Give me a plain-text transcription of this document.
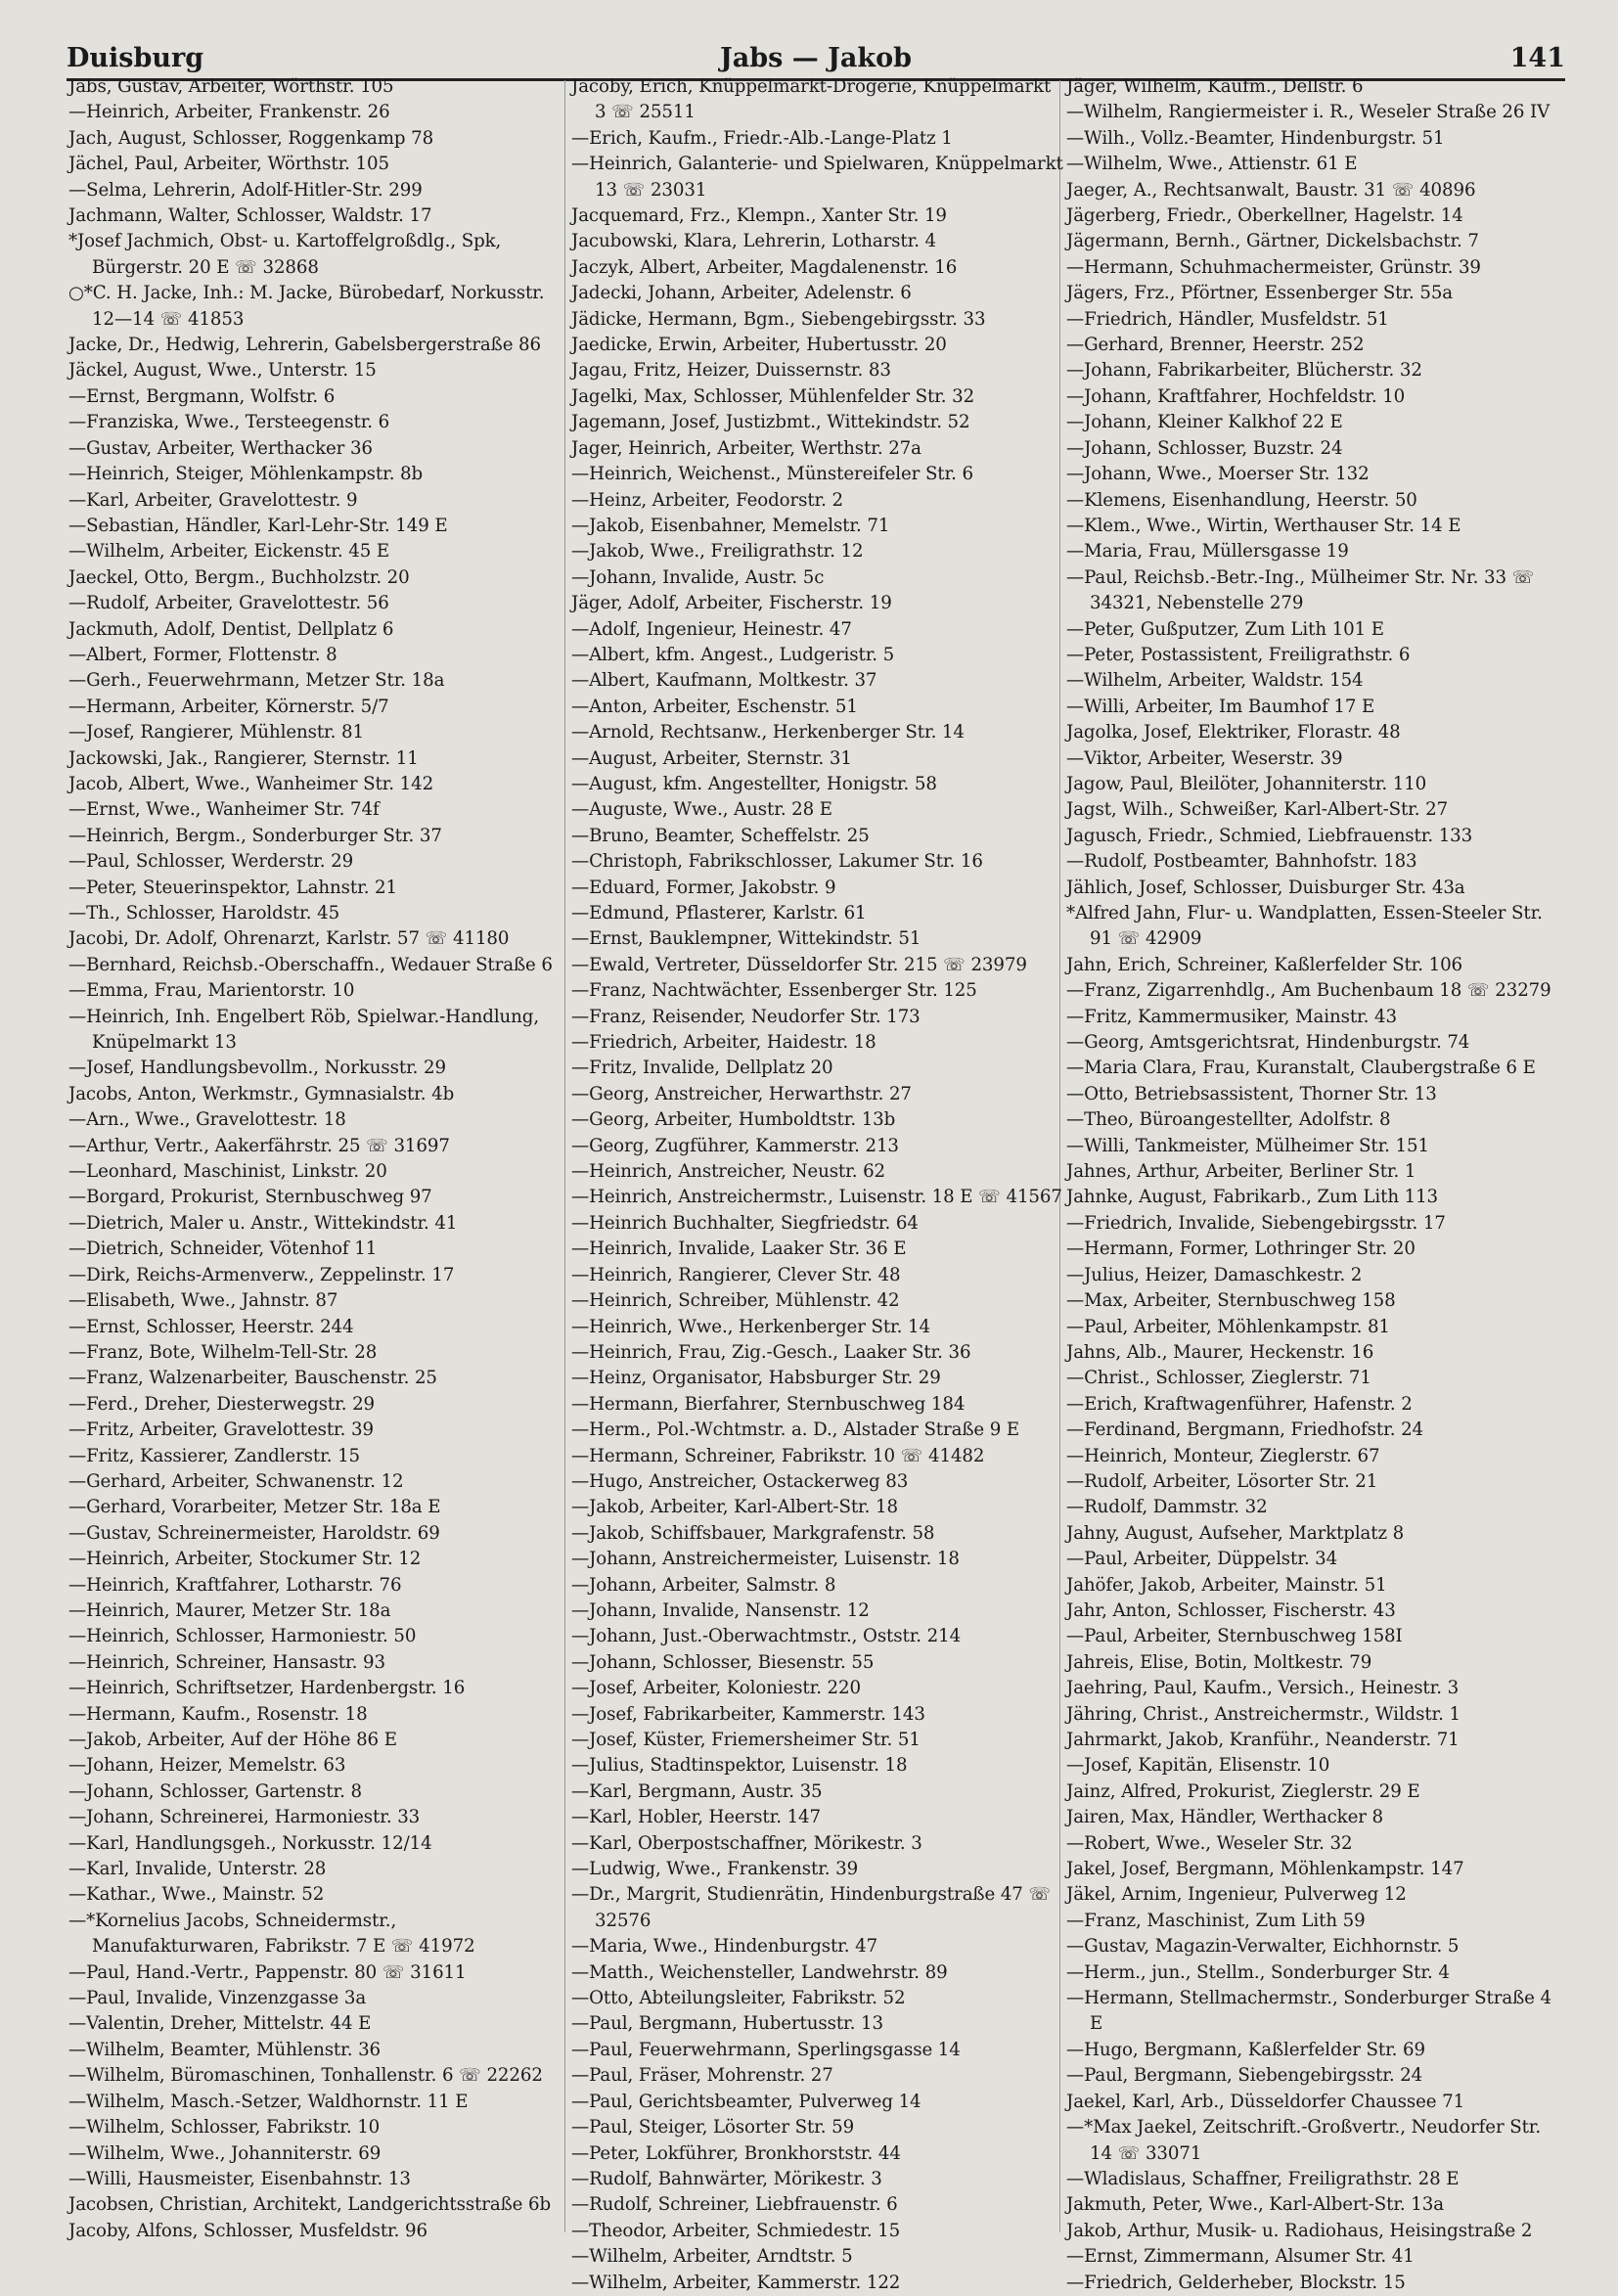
Jabs — Jakob
Duisburg	141
Jabs, Gustav, Arbeiter, Wörthstr. 105
—Heinrich, Arbeiter, Frankenstr. 26
Jach, August, Schlosser, Roggenkamp 78
Jächel, Paul, Arbeiter, Wörthstr. 105
—Selma, Lehrerin, Adolf-Hitler-Str. 299
Jachmann, Walter, Schlosser, Waldstr. 17
*Josef Jachmich, Obst- u. Kartoffelgroßdlg., Spk, Bürgerstr. 20 E ☏ 32868
○*C. H. Jacke, Inh.: M. Jacke, Bürobedarf, Norkusstr. 12—14 ☏ 41853
Jacke, Dr., Hedwig, Lehrerin, Gabelsbergerstraße 86
Jäckel, August, Wwe., Unterstr. 15
—Ernst, Bergmann, Wolfstr. 6
—Franziska, Wwe., Tersteegenstr. 6
—Gustav, Arbeiter, Werthacker 36
—Heinrich, Steiger, Möhlenkampstr. 8b
—Karl, Arbeiter, Gravelottestr. 9
—Sebastian, Händler, Karl-Lehr-Str. 149 E
—Wilhelm, Arbeiter, Eickenstr. 45 E
Jaeckel, Otto, Bergm., Buchholzstr. 20
—Rudolf, Arbeiter, Gravelottestr. 56
Jackmuth, Adolf, Dentist, Dellplatz 6
—Albert, Former, Flottenstr. 8
—Gerh., Feuerwehrmann, Metzer Str. 18a
—Hermann, Arbeiter, Körnerstr. 5/7
—Josef, Rangierer, Mühlenstr. 81
Jackowski, Jak., Rangierer, Sternstr. 11
Jacob, Albert, Wwe., Wanheimer Str. 142
—Ernst, Wwe., Wanheimer Str. 74f
—Heinrich, Bergm., Sonderburger Str. 37
—Paul, Schlosser, Werderstr. 29
—Peter, Steuerinspektor, Lahnstr. 21
—Th., Schlosser, Haroldstr. 45
Jacobi, Dr. Adolf, Ohrenarzt, Karlstr. 57 ☏ 41180
—Bernhard, Reichsb.-Oberschaffn., Wedauer Straße 6
—Emma, Frau, Marientorstr. 10
—Heinrich, Inh. Engelbert Röb, Spielwar.-Handlung, Knüpelmarkt 13
—Josef, Handlungsbevollm., Norkusstr. 29
Jacobs, Anton, Werkmstr., Gymnasialstr. 4b
—Arn., Wwe., Gravelottestr. 18
—Arthur, Vertr., Aakerfährstr. 25 ☏ 31697
—Leonhard, Maschinist, Linkstr. 20
—Borgard, Prokurist, Sternbuschweg 97
—Dietrich, Maler u. Anstr., Wittekindstr. 41
—Dietrich, Schneider, Vötenhof 11
—Dirk, Reichs-Armenverw., Zeppelinstr. 17
—Elisabeth, Wwe., Jahnstr. 87
—Ernst, Schlosser, Heerstr. 244
—Franz, Bote, Wilhelm-Tell-Str. 28
—Franz, Walzenarbeiter, Bauschenstr. 25
—Ferd., Dreher, Diesterwegstr. 29
—Fritz, Arbeiter, Gravelottestr. 39
—Fritz, Kassierer, Zandlerstr. 15
—Gerhard, Arbeiter, Schwanenstr. 12
—Gerhard, Vorarbeiter, Metzer Str. 18a E
—Gustav, Schreinermeister, Haroldstr. 69
—Heinrich, Arbeiter, Stockumer Str. 12
—Heinrich, Kraftfahrer, Lotharstr. 76
—Heinrich, Maurer, Metzer Str. 18a
—Heinrich, Schlosser, Harmoniestr. 50
—Heinrich, Schreiner, Hansastr. 93
—Heinrich, Schriftsetzer, Hardenbergstr. 16
—Hermann, Kaufm., Rosenstr. 18
—Jakob, Arbeiter, Auf der Höhe 86 E
—Johann, Heizer, Memelstr. 63
—Johann, Schlosser, Gartenstr. 8
—Johann, Schreinerei, Harmoniestr. 33
—Karl, Handlungsgeh., Norkusstr. 12/14
—Karl, Invalide, Unterstr. 28
—Kathar., Wwe., Mainstr. 52
—*Kornelius Jacobs, Schneidermstr., Manufakturwaren, Fabrikstr. 7 E ☏ 41972
—Paul, Hand.-Vertr., Pappenstr. 80 ☏ 31611
—Paul, Invalide, Vinzenzgasse 3a
—Valentin, Dreher, Mittelstr. 44 E
—Wilhelm, Beamter, Mühlenstr. 36
—Wilhelm, Büromaschinen, Tonhallenstr. 6 ☏ 22262
—Wilhelm, Masch.-Setzer, Waldhornstr. 11 E
—Wilhelm, Schlosser, Fabrikstr. 10
—Wilhelm, Wwe., Johanniterstr. 69
—Willi, Hausmeister, Eisenbahnstr. 13
Jacobsen, Christian, Architekt, Landgerichtsstraße 6b
Jacoby, Alfons, Schlosser, Musfeldstr. 96
Jacoby, Erich, Knüppelmarkt-Drogerie, Knüppelmarkt 3 ☏ 25511
—Erich, Kaufm., Friedr.-Alb.-Lange-Platz 1
—Heinrich, Galanterie- und Spielwaren, Knüppelmarkt 13 ☏ 23031
Jacquemard, Frz., Klempn., Xanter Str. 19
Jacubowski, Klara, Lehrerin, Lotharstr. 4
Jaczyk, Albert, Arbeiter, Magdalenenstr. 16
Jadecki, Johann, Arbeiter, Adelenstr. 6
Jädicke, Hermann, Bgm., Siebengebirgsstr. 33
Jaedicke, Erwin, Arbeiter, Hubertusstr. 20
Jagau, Fritz, Heizer, Duissernstr. 83
Jagelki, Max, Schlosser, Mühlenfelder Str. 32
Jagemann, Josef, Justizbmt., Wittekindstr. 52
Jager, Heinrich, Arbeiter, Werthstr. 27a
—Heinrich, Weichenst., Münstereifeler Str. 6
—Heinz, Arbeiter, Feodorstr. 2
—Jakob, Eisenbahner, Memelstr. 71
—Jakob, Wwe., Freiligrathstr. 12
—Johann, Invalide, Austr. 5c
Jäger, Adolf, Arbeiter, Fischerstr. 19
—Adolf, Ingenieur, Heinestr. 47
—Albert, kfm. Angest., Ludgeristr. 5
—Albert, Kaufmann, Moltkestr. 37
—Anton, Arbeiter, Eschenstr. 51
—Arnold, Rechtsanw., Herkenberger Str. 14
—August, Arbeiter, Sternstr. 31
—August, kfm. Angestellter, Honigstr. 58
—Auguste, Wwe., Austr. 28 E
—Bruno, Beamter, Scheffelstr. 25
—Christoph, Fabrikschlosser, Lakumer Str. 16
—Eduard, Former, Jakobstr. 9
—Edmund, Pflasterer, Karlstr. 61
—Ernst, Bauklempner, Wittekindstr. 51
—Ewald, Vertreter, Düsseldorfer Str. 215 ☏ 23979
—Franz, Nachtwächter, Essenberger Str. 125
—Franz, Reisender, Neudorfer Str. 173
—Friedrich, Arbeiter, Haidestr. 18
—Fritz, Invalide, Dellplatz 20
—Georg, Anstreicher, Herwarthstr. 27
—Georg, Arbeiter, Humboldtstr. 13b
—Georg, Zugführer, Kammerstr. 213
—Heinrich, Anstreicher, Neustr. 62
—Heinrich, Anstreichermstr., Luisenstr. 18 E ☏ 41567
—Heinrich Buchhalter, Siegfriedstr. 64
—Heinrich, Invalide, Laaker Str. 36 E
—Heinrich, Rangierer, Clever Str. 48
—Heinrich, Schreiber, Mühlenstr. 42
—Heinrich, Wwe., Herkenberger Str. 14
—Heinrich, Frau, Zig.-Gesch., Laaker Str. 36
—Heinz, Organisator, Habsburger Str. 29
—Hermann, Bierfahrer, Sternbuschweg 184
—Herm., Pol.-Wchtmstr. a. D., Alstader Straße 9 E
—Hermann, Schreiner, Fabrikstr. 10 ☏ 41482
—Hugo, Anstreicher, Ostackerweg 83
—Jakob, Arbeiter, Karl-Albert-Str. 18
—Jakob, Schiffsbauer, Markgrafenstr. 58
—Johann, Anstreichermeister, Luisenstr. 18
—Johann, Arbeiter, Salmstr. 8
—Johann, Invalide, Nansenstr. 12
—Johann, Just.-Oberwachtmstr., Oststr. 214
—Johann, Schlosser, Biesenstr. 55
—Josef, Arbeiter, Koloniestr. 220
—Josef, Fabrikarbeiter, Kammerstr. 143
—Josef, Küster, Friemersheimer Str. 51
—Julius, Stadtinspektor, Luisenstr. 18
—Karl, Bergmann, Austr. 35
—Karl, Hobler, Heerstr. 147
—Karl, Oberpostschaffner, Mörikestr. 3
—Ludwig, Wwe., Frankenstr. 39
—Dr., Margrit, Studienrätin, Hindenburgstraße 47 ☏ 32576
—Maria, Wwe., Hindenburgstr. 47
—Matth., Weichensteller, Landwehrstr. 89
—Otto, Abteilungsleiter, Fabrikstr. 52
—Paul, Bergmann, Hubertusstr. 13
—Paul, Feuerwehrmann, Sperlingsgasse 14
—Paul, Fräser, Mohrenstr. 27
—Paul, Gerichtsbeamter, Pulverweg 14
—Paul, Steiger, Lösorter Str. 59
—Peter, Lokführer, Bronkhorststr. 44
—Rudolf, Bahnwärter, Mörikestr. 3
—Rudolf, Schreiner, Liebfrauenstr. 6
—Theodor, Arbeiter, Schmiedestr. 15
—Wilhelm, Arbeiter, Arndtstr. 5
—Wilhelm, Arbeiter, Kammerstr. 122
Jäger, Wilhelm, Kaufm., Dellstr. 6
—Wilhelm, Rangiermeister i. R., Weseler Straße 26 IV
—Wilh., Vollz.-Beamter, Hindenburgstr. 51
—Wilhelm, Wwe., Attienstr. 61 E
Jaeger, A., Rechtsanwalt, Baustr. 31 ☏ 40896
Jägerberg, Friedr., Oberkellner, Hagelstr. 14
Jägermann, Bernh., Gärtner, Dickelsbachstr. 7
—Hermann, Schuhmachermeister, Grünstr. 39
Jägers, Frz., Pförtner, Essenberger Str. 55a
—Friedrich, Händler, Musfeldstr. 51
—Gerhard, Brenner, Heerstr. 252
—Johann, Fabrikarbeiter, Blücherstr. 32
—Johann, Kraftfahrer, Hochfeldstr. 10
—Johann, Kleiner Kalkhof 22 E
—Johann, Schlosser, Buzstr. 24
—Johann, Wwe., Moerser Str. 132
—Klemens, Eisenhandlung, Heerstr. 50
—Klem., Wwe., Wirtin, Werthauser Str. 14 E
—Maria, Frau, Müllersgasse 19
—Paul, Reichsb.-Betr.-Ing., Mülheimer Str. Nr. 33 ☏ 34321, Nebenstelle 279
—Peter, Gußputzer, Zum Lith 101 E
—Peter, Postassistent, Freiligrathstr. 6
—Wilhelm, Arbeiter, Waldstr. 154
—Willi, Arbeiter, Im Baumhof 17 E
Jagolka, Josef, Elektriker, Florastr. 48
—Viktor, Arbeiter, Weserstr. 39
Jagow, Paul, Bleilöter, Johanniterstr. 110
Jagst, Wilh., Schweißer, Karl-Albert-Str. 27
Jagusch, Friedr., Schmied, Liebfrauenstr. 133
—Rudolf, Postbeamter, Bahnhofstr. 183
Jählich, Josef, Schlosser, Duisburger Str. 43a
*Alfred Jahn, Flur- u. Wandplatten, Essen-Steeler Str. 91 ☏ 42909
Jahn, Erich, Schreiner, Kaßlerfelder Str. 106
—Franz, Zigarrenhdlg., Am Buchenbaum 18 ☏ 23279
—Fritz, Kammermusiker, Mainstr. 43
—Georg, Amtsgerichtsrat, Hindenburgstr. 74
—Maria Clara, Frau, Kuranstalt, Claubergstraße 6 E
—Otto, Betriebsassistent, Thorner Str. 13
—Theo, Büroangestellter, Adolfstr. 8
—Willi, Tankmeister, Mülheimer Str. 151
Jahnes, Arthur, Arbeiter, Berliner Str. 1
Jahnke, August, Fabrikarb., Zum Lith 113
—Friedrich, Invalide, Siebengebirgsstr. 17
—Hermann, Former, Lothringer Str. 20
—Julius, Heizer, Damaschkestr. 2
—Max, Arbeiter, Sternbuschweg 158
—Paul, Arbeiter, Möhlenkampstr. 81
Jahns, Alb., Maurer, Heckenstr. 16
—Christ., Schlosser, Zieglerstr. 71
—Erich, Kraftwagenführer, Hafenstr. 2
—Ferdinand, Bergmann, Friedhofstr. 24
—Heinrich, Monteur, Zieglerstr. 67
—Rudolf, Arbeiter, Lösorter Str. 21
—Rudolf, Dammstr. 32
Jahny, August, Aufseher, Marktplatz 8
—Paul, Arbeiter, Düppelstr. 34
Jahöfer, Jakob, Arbeiter, Mainstr. 51
Jahr, Anton, Schlosser, Fischerstr. 43
—Paul, Arbeiter, Sternbuschweg 158I
Jahreis, Elise, Botin, Moltkestr. 79
Jaehring, Paul, Kaufm., Versich., Heinestr. 3
Jähring, Christ., Anstreichermstr., Wildstr. 1
Jahrmarkt, Jakob, Kranführ., Neanderstr. 71
—Josef, Kapitän, Elisenstr. 10
Jainz, Alfred, Prokurist, Zieglerstr. 29 E
Jairen, Max, Händler, Werthacker 8
—Robert, Wwe., Weseler Str. 32
Jakel, Josef, Bergmann, Möhlenkampstr. 147
Jäkel, Arnim, Ingenieur, Pulverweg 12
—Franz, Maschinist, Zum Lith 59
—Gustav, Magazin-Verwalter, Eichhornstr. 5
—Herm., jun., Stellm., Sonderburger Str. 4
—Hermann, Stellmachermstr., Sonderburger Straße 4 E
—Hugo, Bergmann, Kaßlerfelder Str. 69
—Paul, Bergmann, Siebengebirgsstr. 24
Jaekel, Karl, Arb., Düsseldorfer Chaussee 71
—*Max Jaekel, Zeitschrift.-Großvertr., Neudorfer Str. 14 ☏ 33071
—Wladislaus, Schaffner, Freiligrathstr. 28 E
Jakmuth, Peter, Wwe., Karl-Albert-Str. 13a
Jakob, Arthur, Musik- u. Radiohaus, Heisingstraße 2
—Ernst, Zimmermann, Alsumer Str. 41
—Friedrich, Gelderheber, Blockstr. 15
